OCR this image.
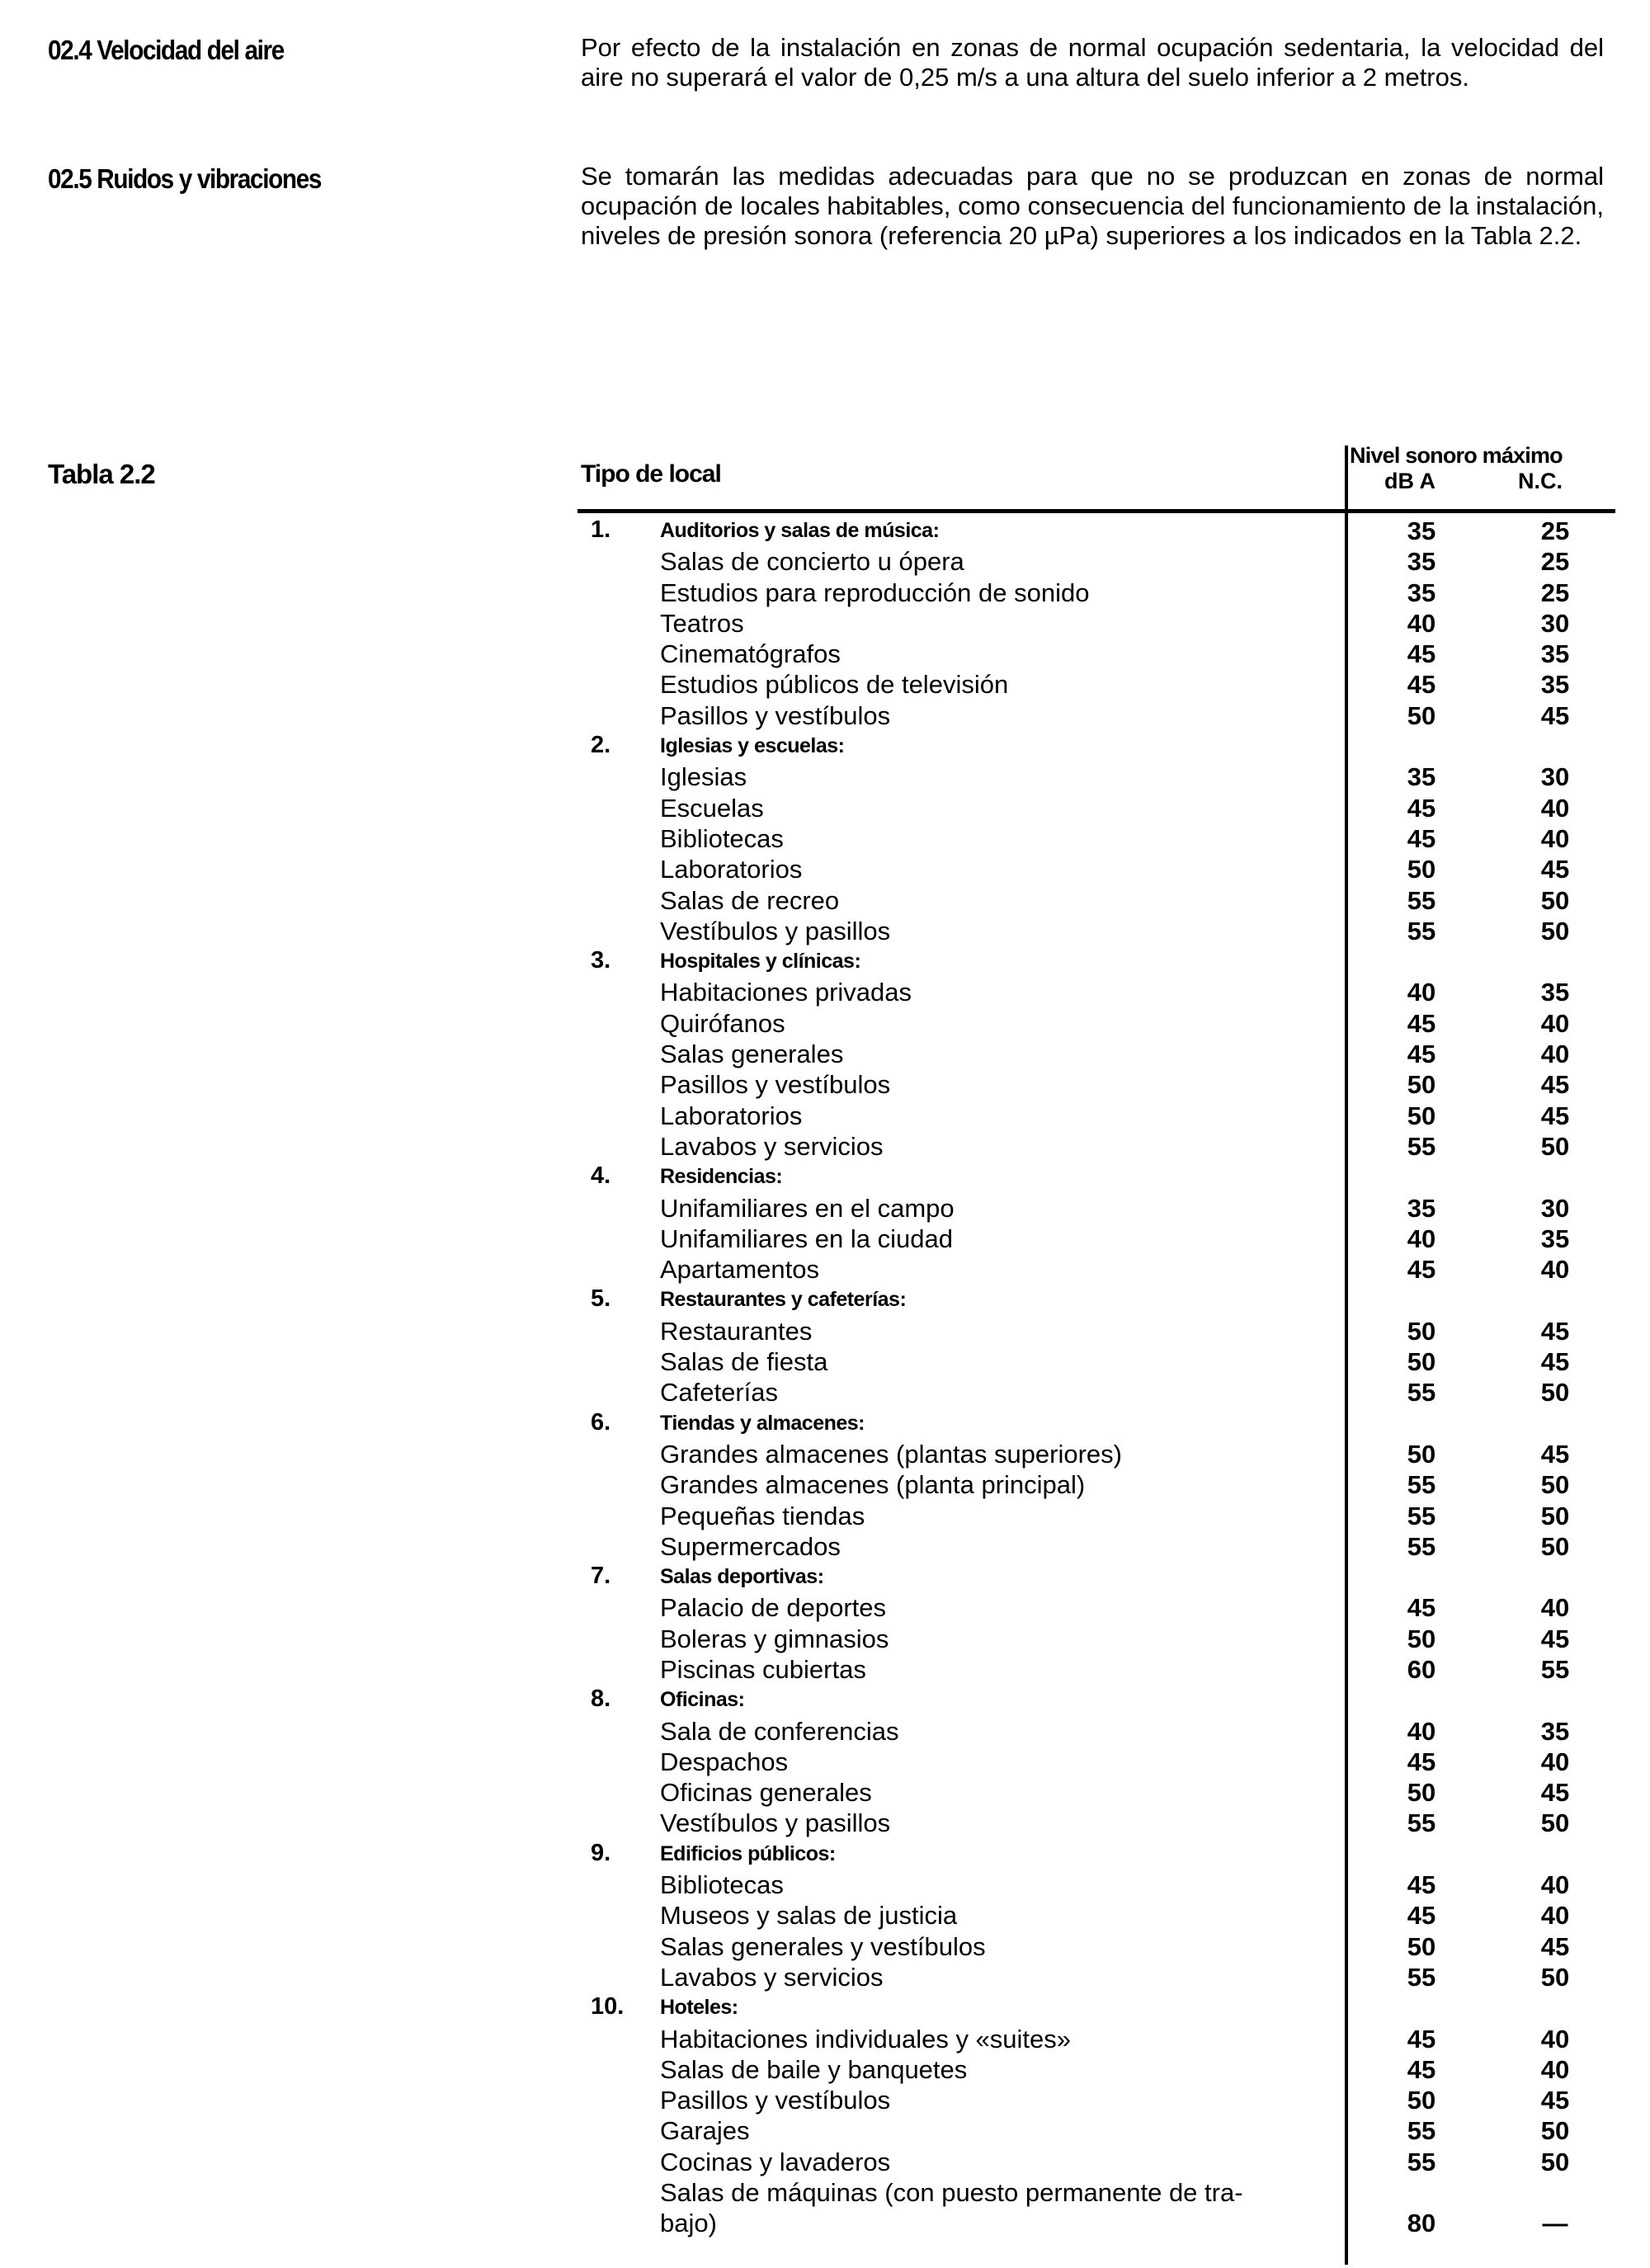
02.4 Velocidad del aire	Por efecto de la instalación en zonas de normal ocupación sedentaria, la velocidad del aire no superará el valor de 0,25 m/s a una altura del suelo inferior a 2 metros.
02.5 Ruidos y vibraciones	Se tomarán las medidas adecuadas para que no se produzcan en zonas de normal ocupación de locales habitables, como consecuencia del funcionamiento de la instalación, niveles de presión sonora (referencia 20 µPa) superiores a los indicados en la Tabla 2.2.
Tabla 2.2	Tipo de local
Nivel sonoro máximo
dB A	N.C.
1.	Auditorios y salas de música:	35	25
Salas de concierto u ópera	35	25
Estudios para reproducción de sonido	35	25
Teatros	40	30
Cinematógrafos	45	35
Estudios públicos de televisión	45	35
Pasillos y vestíbulos	50	45
2.	Iglesias y escuelas:
Iglesias	35	30
Escuelas	45	40
Bibliotecas	45	40
Laboratorios	50	45
Salas de recreo	55	50
Vestíbulos y pasillos	55	50
3.	Hospitales y clínicas:
Habitaciones privadas	40	35
Quirófanos	45	40
Salas generales	45	40
Pasillos y vestíbulos	50	45
Laboratorios	50	45
Lavabos y servicios	55	50
4.	Residencias:
Unifamiliares en el campo	35	30
Unifamiliares en la ciudad	40	35
Apartamentos	45	40
5.	Restaurantes y cafeterías:
Restaurantes	50	45
Salas de fiesta	50	45
Cafeterías	55	50
6.	Tiendas y almacenes:
Grandes almacenes (plantas superiores)	50	45
Grandes almacenes (planta principal)	55	50
Pequeñas tiendas	55	50
Supermercados	55	50
7.	Salas deportivas:
Palacio de deportes	45	40
Boleras y gimnasios	50	45
Piscinas cubiertas	60	55
8.	Oficinas:
Sala de conferencias	40	35
Despachos	45	40
Oficinas generales	50	45
Vestíbulos y pasillos	55	50
9.	Edificios públicos:
Bibliotecas	45	40
Museos y salas de justicia	45	40
Salas generales y vestíbulos	50	45
Lavabos y servicios	55	50
10.	Hoteles:
Habitaciones individuales y «suites»	45	40
Salas de baile y banquetes	45	40
Pasillos y vestíbulos	50	45
Garajes	55	50
Cocinas y lavaderos	55	50
Salas de máquinas (con puesto permanente de tra-
bajo)	80	—
